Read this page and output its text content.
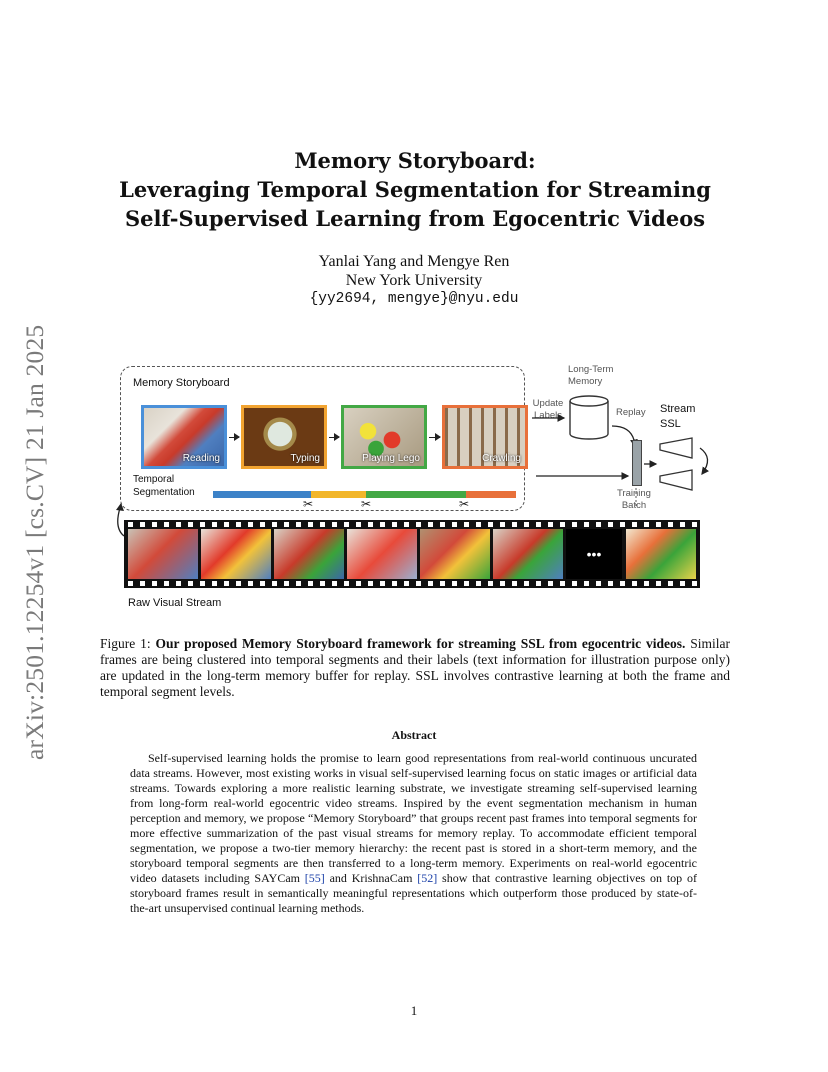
arXiv:2501.12254v1 [cs.CV] 21 Jan 2025
Memory Storyboard:
Leveraging Temporal Segmentation for Streaming
Self-Supervised Learning from Egocentric Videos
Yanlai Yang and Mengye Ren
New York University
{yy2694, mengye}@nyu.edu
Memory Storyboard
Reading	Typing	Playing Lego	Crawling
Temporal
Segmentation
✂	✂	✂
Long-Term
Memory
Update
Labels	Replay Stream
SSL
Training
Batch
•••
Raw Visual Stream
Figure 1: Our proposed Memory Storyboard framework for streaming SSL from egocentric videos. Similar frames are being clustered into temporal segments and their labels (text information for illustration purpose only) are updated in the long-term memory buffer for replay. SSL involves contrastive learning at both the frame and temporal segment levels.
Abstract
Self-supervised learning holds the promise to learn good representations from real-world continuous uncurated data streams. However, most existing works in visual self-supervised learning focus on static images or artificial data streams. Towards exploring a more realistic learning substrate, we investigate streaming self-supervised learning from long-form real-world egocentric video streams. Inspired by the event segmentation mechanism in human perception and memory, we propose “Memory Storyboard” that groups recent past frames into temporal segments for more effective summarization of the past visual streams for memory replay. To accommodate efficient temporal segmentation, we propose a two-tier memory hierarchy: the recent past is stored in a short-term memory, and the storyboard temporal segments are then transferred to a long-term memory. Experiments on real-world egocentric video datasets including SAYCam [55] and KrishnaCam [52] show that contrastive learning objectives on top of storyboard frames result in semantically meaningful representations which outperform those produced by state-of-the-art unsupervised continual learning methods.
1
